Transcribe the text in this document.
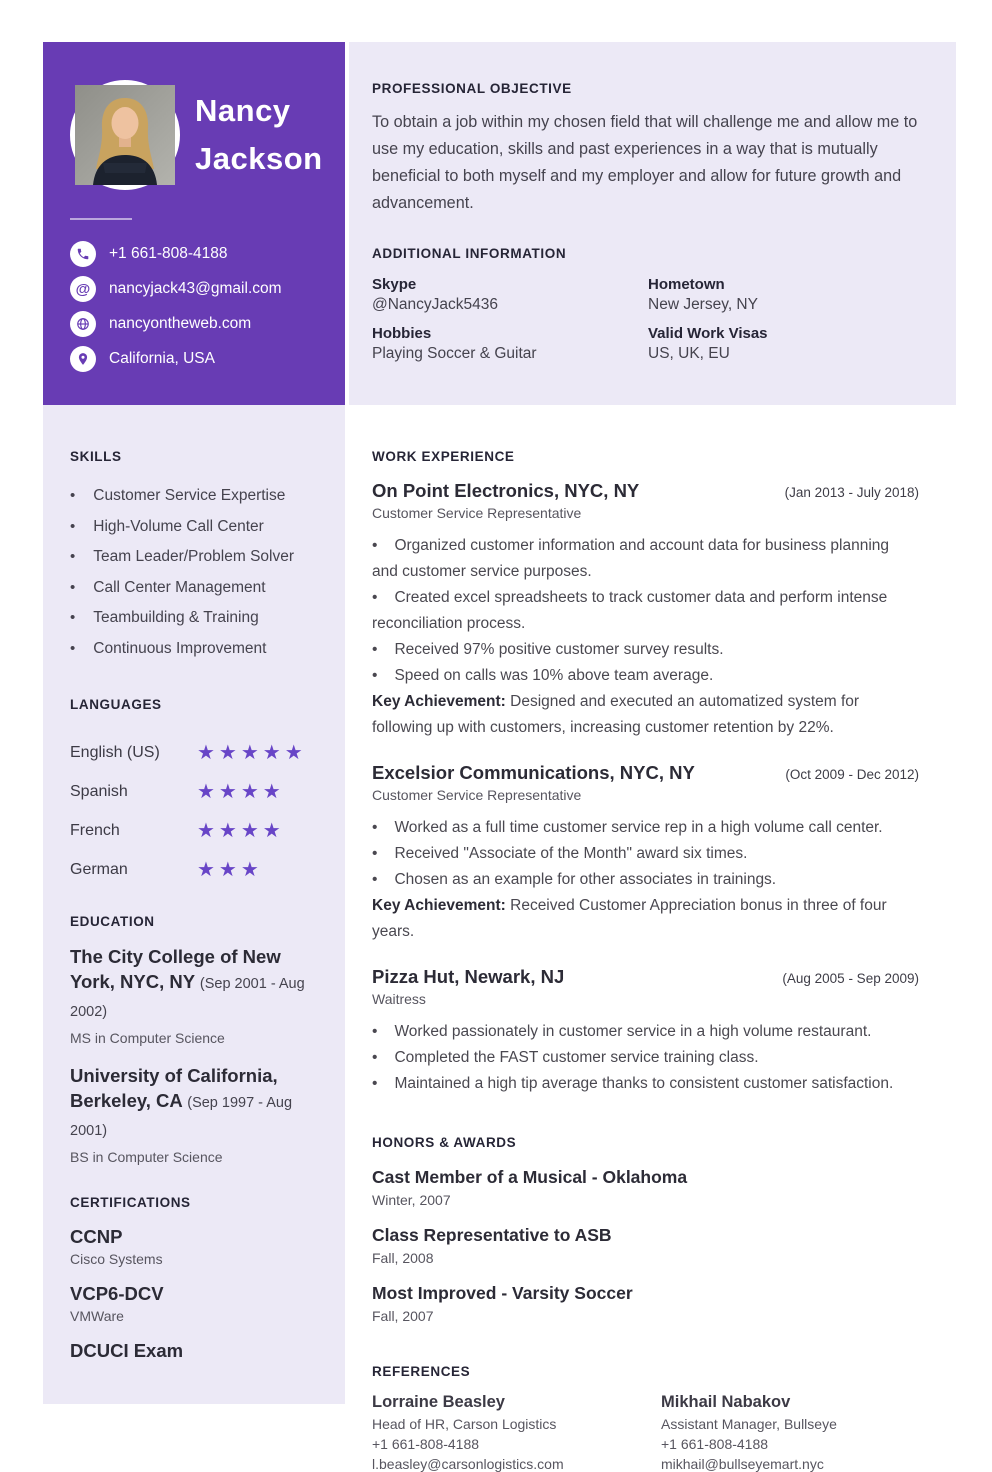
Nancy Jackson
+1 661-808-4188
@	nancyjack43@gmail.com
nancyontheweb.com
California, USA
SKILLS
• Customer Service Expertise
• High-Volume Call Center
• Team Leader/Problem Solver
• Call Center Management
• Teambuilding & Training
• Continuous Improvement
LANGUAGES
English (US)	★★★★★
Spanish	★★★★
French	★★★★
German	★★★
EDUCATION
The City College of New York, NYC, NY (Sep 2001 - Aug 2002)
MS in Computer Science
University of California, Berkeley, CA (Sep 1997 - Aug 2001)
BS in Computer Science
CERTIFICATIONS
CCNP
Cisco Systems
VCP6-DCV
VMWare
DCUCI Exam
PROFESSIONAL OBJECTIVE
To obtain a job within my chosen field that will challenge me and allow me to use my education, skills and past experiences in a way that is mutually beneficial to both myself and my employer and allow for future growth and advancement.
ADDITIONAL INFORMATION
Skype
@NancyJack5436
Hometown
New Jersey, NY
Hobbies
Playing Soccer & Guitar
Valid Work Visas
US, UK, EU
WORK EXPERIENCE
On Point Electronics, NYC, NY	(Jan 2013 - July 2018)
Customer Service Representative
• Organized customer information and account data for business planning and customer service purposes.
• Created excel spreadsheets to track customer data and perform intense reconciliation process.
• Received 97% positive customer survey results.
• Speed on calls was 10% above team average.
Key Achievement: Designed and executed an automatized system for following up with customers, increasing customer retention by 22%.
Excelsior Communications, NYC, NY	(Oct 2009 - Dec 2012)
Customer Service Representative
• Worked as a full time customer service rep in a high volume call center.
• Received "Associate of the Month" award six times.
• Chosen as an example for other associates in trainings.
Key Achievement: Received Customer Appreciation bonus in three of four years.
Pizza Hut, Newark, NJ	(Aug 2005 - Sep 2009)
Waitress
• Worked passionately in customer service in a high volume restaurant.
• Completed the FAST customer service training class.
• Maintained a high tip average thanks to consistent customer satisfaction.
HONORS & AWARDS
Cast Member of a Musical - Oklahoma
Winter, 2007
Class Representative to ASB
Fall, 2008
Most Improved - Varsity Soccer
Fall, 2007
REFERENCES
Lorraine Beasley
Head of HR, Carson Logistics
+1 661-808-4188
l.beasley@carsonlogistics.com
Mikhail Nabakov
Assistant Manager, Bullseye
+1 661-808-4188
mikhail@bullseyemart.nyc
